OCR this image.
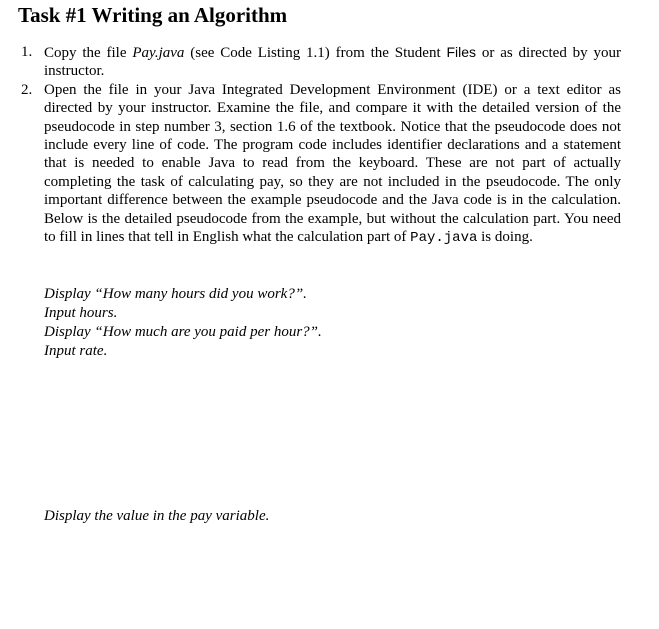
Task #1 Writing an Algorithm
1. Copy the file Pay.java (see Code Listing 1.1) from the Student Files or as directed by your instructor.

2. Open the file in your Java Integrated Development Environment (IDE) or a text editor as directed by your instructor. Examine the file, and compare it with the detailed version of the pseudocode in step number 3, section 1.6 of the textbook. Notice that the pseudocode does not include every line of code. The program code includes identifier declarations and a statement that is needed to enable Java to read from the keyboard. These are not part of actually completing the task of calculating pay, so they are not included in the pseudocode. The only important difference between the example pseudocode and the Java code is in the calculation. Below is the detailed pseudocode from the example, but without the calculation part. You need to fill in lines that tell in English what the calculation part of Pay.java is doing.

Display “How many hours did you work?”.

Input hours.

Display “How much are you paid per hour?”.

Input rate.

Display the value in the pay variable.
